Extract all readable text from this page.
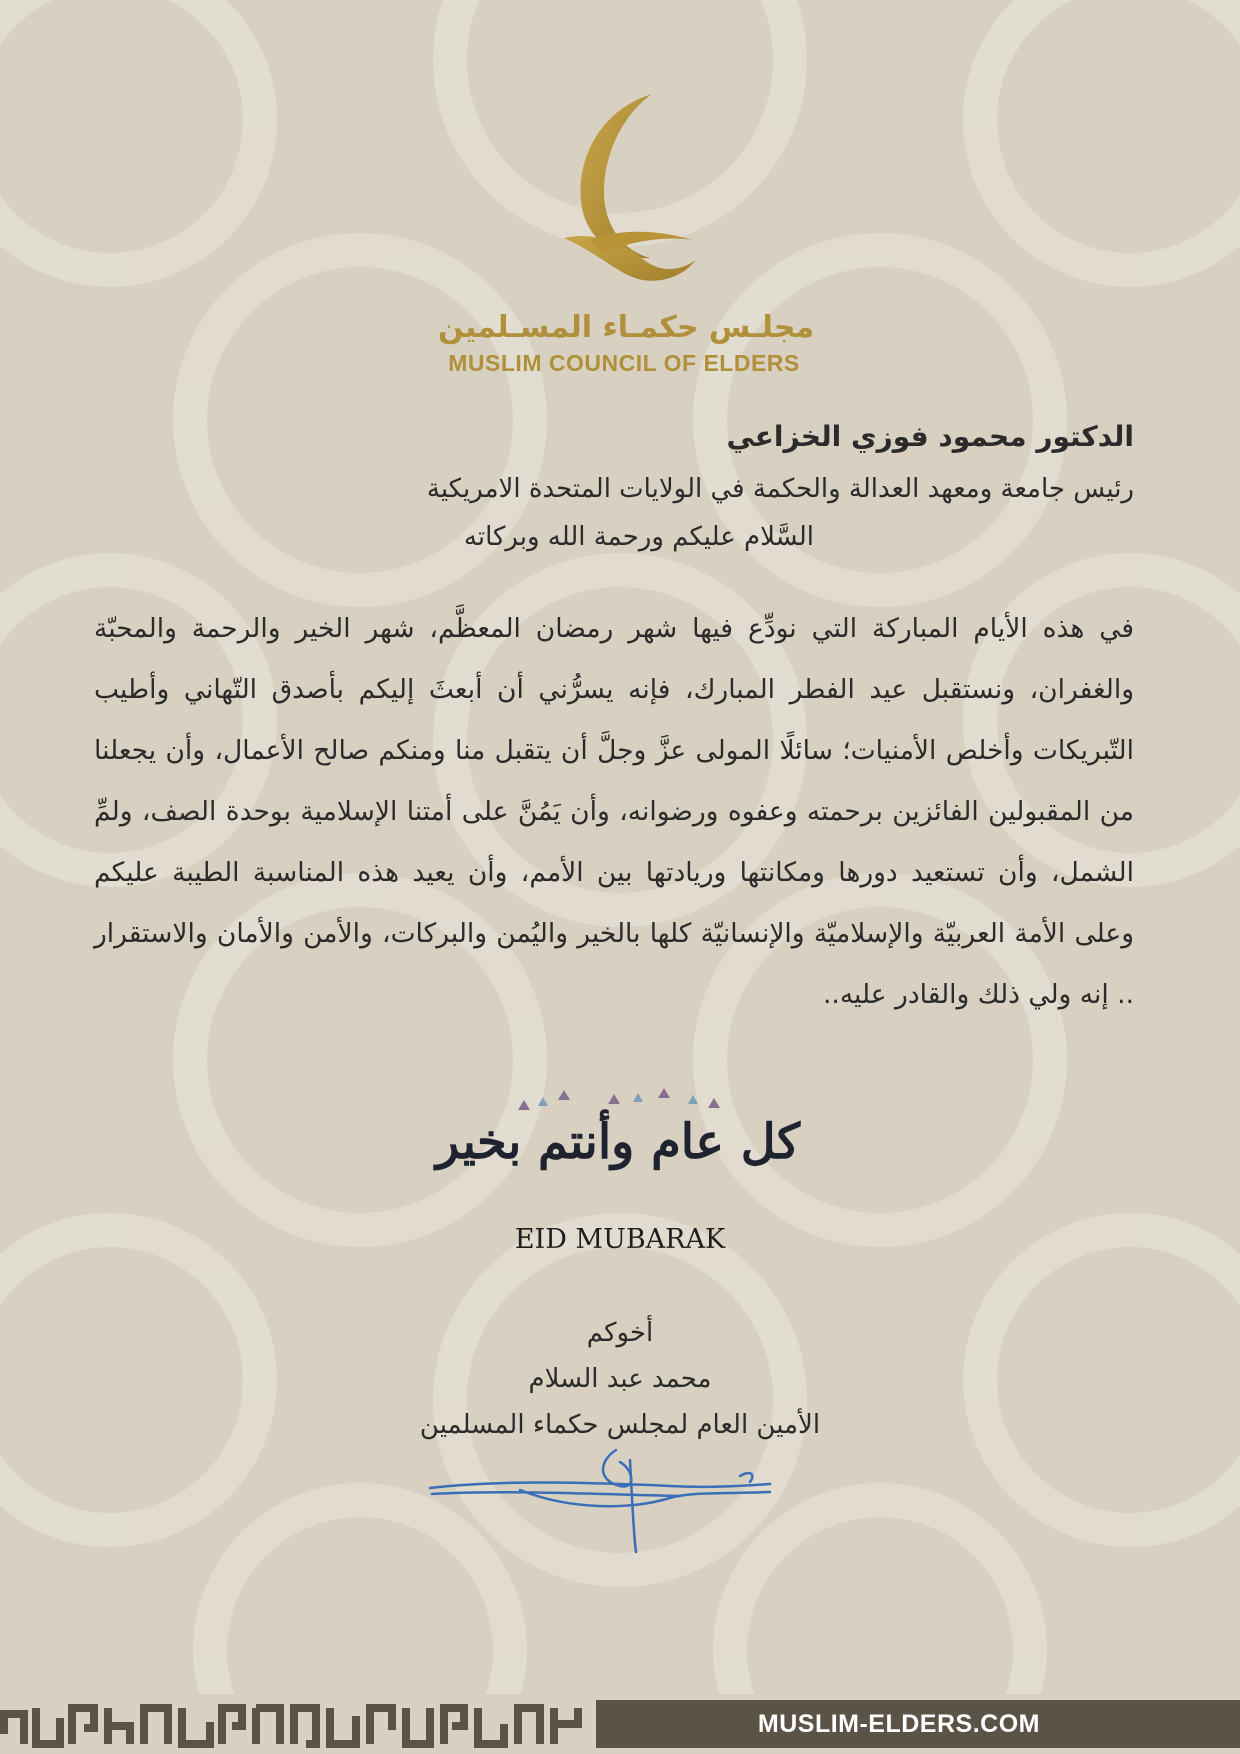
مجلـس حكمـاء المسـلمين
MUSLIM COUNCIL OF ELDERS

الدكتور محمود فوزي الخزاعي

رئيس جامعة ومعهد العدالة والحكمة في الولايات المتحدة الامريكية

السَّلام عليكم ورحمة الله وبركاته

في هذه الأيام المباركة التي نودِّع فيها شهر رمضان المعظَّم، شهر الخير والرحمة والمحبّة والغفران، ونستقبل عيد الفطر المبارك، فإنه يسرُّني أن أبعثَ إليكم بأصدق التّهاني وأطيب التّبريكات وأخلص الأمنيات؛ سائلًا المولى عزَّ وجلَّ أن يتقبل منا ومنكم صالح الأعمال، وأن يجعلنا من المقبولين الفائزين برحمته وعفوه ورضوانه، وأن يَمُنَّ على أمتنا الإسلامية بوحدة الصف، ولمِّ الشمل، وأن تستعيد دورها ومكانتها وريادتها بين الأمم، وأن يعيد هذه المناسبة الطيبة عليكم وعلى الأمة العربيّة والإسلاميّة والإنسانيّة كلها بالخير واليُمن والبركات، والأمن والأمان والاستقرار .. إنه ولي ذلك والقادر عليه..

كل عام وأنتم بخير
EID MUBARAK
أخوكم
محمد عبد السلام
الأمين العام لمجلس حكماء المسلمين
MUSLIM-ELDERS.COM
